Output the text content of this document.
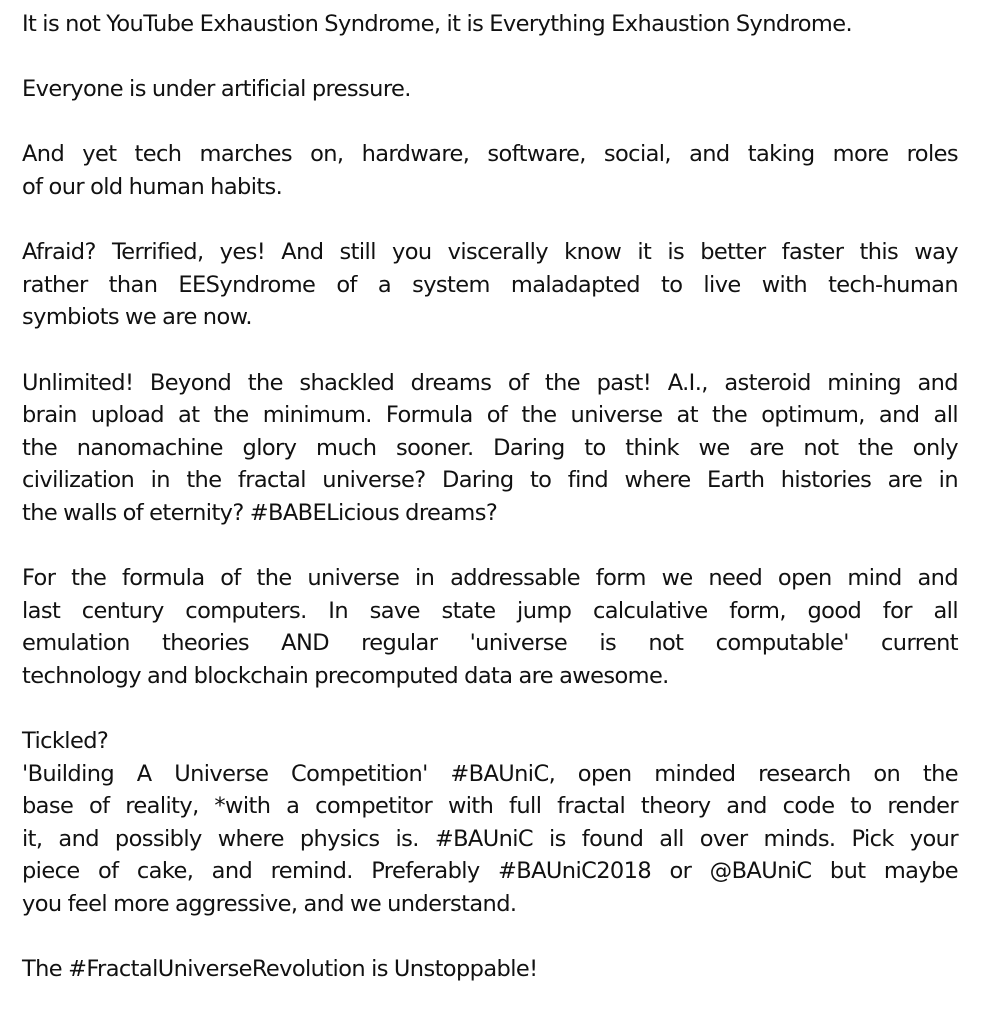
It is not YouTube Exhaustion Syndrome, it is Everything Exhaustion Syndrome.
Everyone is under artificial pressure.
And yet tech marches on, hardware, software, social, and taking more roles
of our old human habits.
Afraid? Terrified, yes! And still you viscerally know it is better faster this way
rather than EESyndrome of a system maladapted to live with tech-human
symbiots we are now.
Unlimited! Beyond the shackled dreams of the past! A.I., asteroid mining and
brain upload at the minimum. Formula of the universe at the optimum, and all
the nanomachine glory much sooner. Daring to think we are not the only
civilization in the fractal universe? Daring to find where Earth histories are in
the walls of eternity? #BABELicious dreams?
For the formula of the universe in addressable form we need open mind and
last century computers. In save state jump calculative form, good for all
emulation theories AND regular 'universe is not computable' current
technology and blockchain precomputed data are awesome.
Tickled?
'Building A Universe Competition' #BAUniC, open minded research on the
base of reality, *with a competitor with full fractal theory and code to render
it, and possibly where physics is. #BAUniC is found all over minds. Pick your
piece of cake, and remind. Preferably #BAUniC2018 or @BAUniC but maybe
you feel more aggressive, and we understand.
The #FractalUniverseRevolution is Unstoppable!
